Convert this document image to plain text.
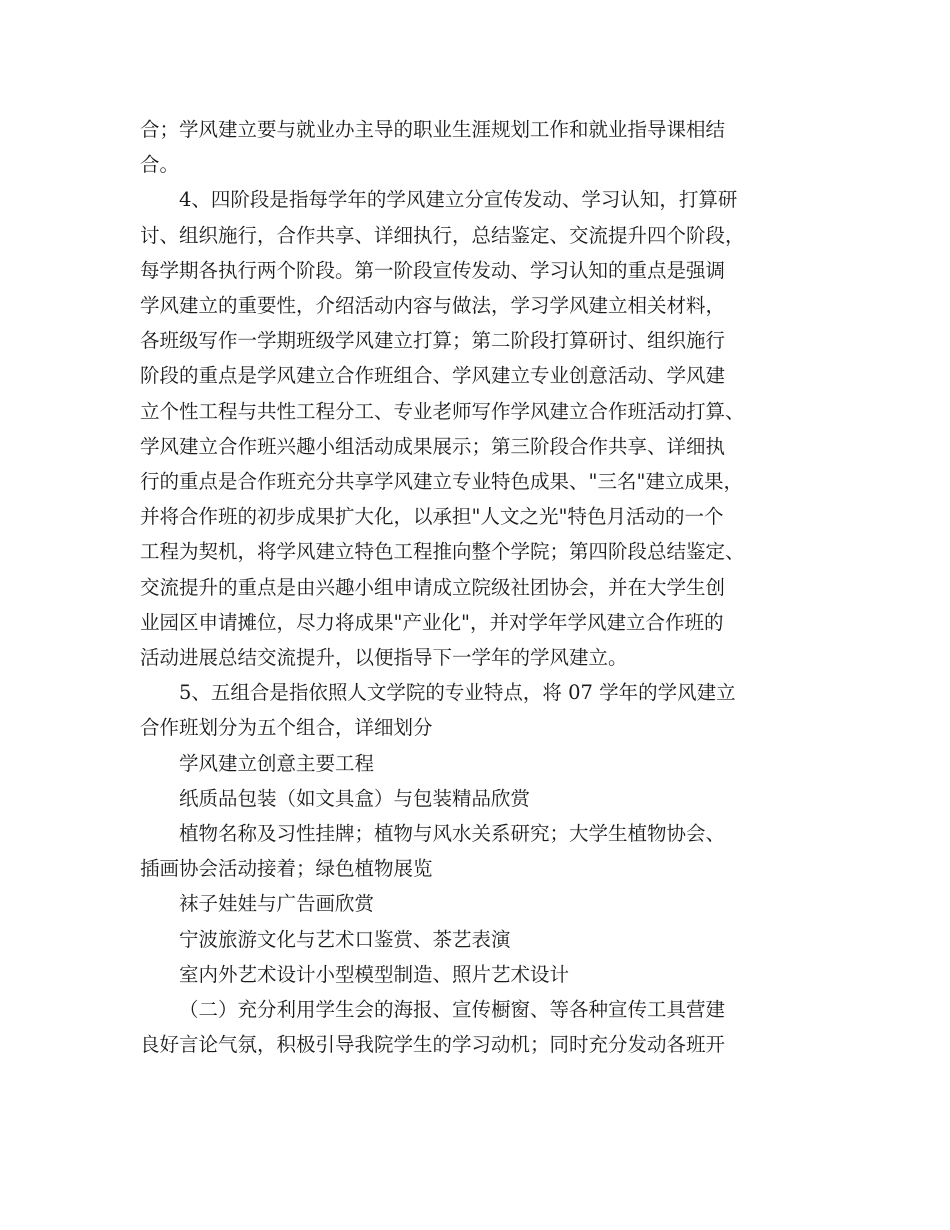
合；学风建立要与就业办主导的职业生涯规划工作和就业指导课相结

合。

4、四阶段是指每学年的学风建立分宣传发动、学习认知，打算研

讨、组织施行，合作共享、详细执行，总结鉴定、交流提升四个阶段，

每学期各执行两个阶段。第一阶段宣传发动、学习认知的重点是强调

学风建立的重要性，介绍活动内容与做法，学习学风建立相关材料，

各班级写作一学期班级学风建立打算；第二阶段打算研讨、组织施行

阶段的重点是学风建立合作班组合、学风建立专业创意活动、学风建

立个性工程与共性工程分工、专业老师写作学风建立合作班活动打算、

学风建立合作班兴趣小组活动成果展示；第三阶段合作共享、详细执

行的重点是合作班充分共享学风建立专业特色成果、"三名"建立成果，

并将合作班的初步成果扩大化，以承担"人文之光"特色月活动的一个

工程为契机，将学风建立特色工程推向整个学院；第四阶段总结鉴定、

交流提升的重点是由兴趣小组申请成立院级社团协会，并在大学生创

业园区申请摊位，尽力将成果"产业化"，并对学年学风建立合作班的

活动进展总结交流提升，以便指导下一学年的学风建立。

5、五组合是指依照人文学院的专业特点，将 07 学年的学风建立

合作班划分为五个组合，详细划分

学风建立创意主要工程

纸质品包装（如文具盒）与包装精品欣赏

植物名称及习性挂牌；植物与风水关系研究；大学生植物协会、

插画协会活动接着；绿色植物展览

袜子娃娃与广告画欣赏

宁波旅游文化与艺术口鉴赏、茶艺表演

室内外艺术设计小型模型制造、照片艺术设计

（二）充分利用学生会的海报、宣传橱窗、等各种宣传工具营建

良好言论气氛，积极引导我院学生的学习动机；同时充分发动各班开
